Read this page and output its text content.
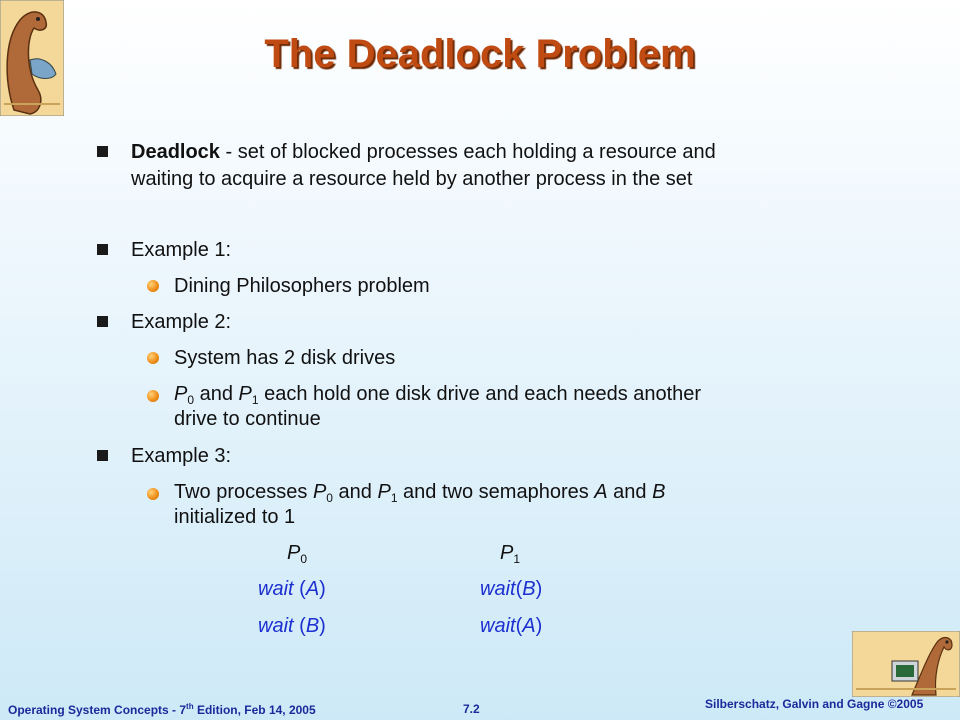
The Deadlock Problem
Deadlock - set of blocked processes each holding a resource and
waiting to acquire a resource held by another process in the set
Example 1:
Dining Philosophers problem
Example 2:
System has 2 disk drives
$P_0$ and $P_1$ each hold one disk drive and each needs another
drive to continue
Example 3:
Two processes $P_0$ and $P_1$ and two semaphores A and B
initialized to 1
$P_0$	$P_1$
wait (A)	wait(B)
wait (B)	wait(A)
Operating System Concepts - 7th Edition, Feb 14, 2005	7.2	Silberschatz, Galvin and Gagne ©2005
